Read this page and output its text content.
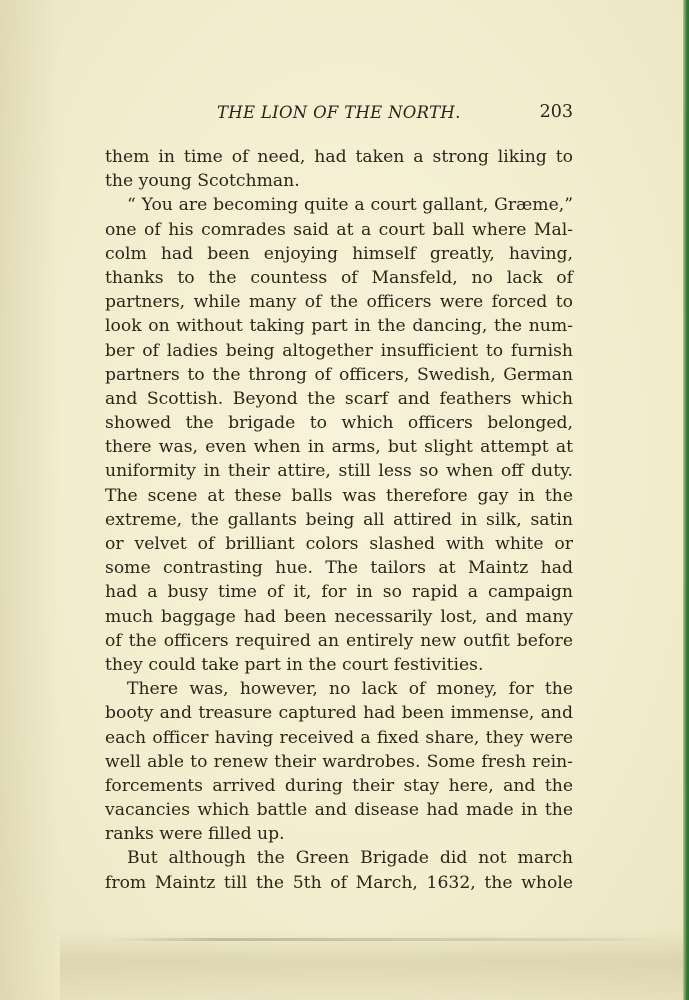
THE LION OF THE NORTH.	203
them in time of need, had taken a strong liking to
the young Scotchman.
“ You are becoming quite a court gallant, Græme,”
one of his comrades said at a court ball where Mal-
colm had been enjoying himself greatly, having,
thanks to the countess of Mansfeld, no lack of
partners, while many of the officers were forced to
look on without taking part in the dancing, the num-
ber of ladies being altogether insufficient to furnish
partners to the throng of officers, Swedish, German
and Scottish. Beyond the scarf and feathers which
showed the brigade to which officers belonged,
there was, even when in arms, but slight attempt at
uniformity in their attire, still less so when off duty.
The scene at these balls was therefore gay in the
extreme, the gallants being all attired in silk, satin
or velvet of brilliant colors slashed with white or
some contrasting hue. The tailors at Maintz had
had a busy time of it, for in so rapid a campaign
much baggage had been necessarily lost, and many
of the officers required an entirely new outfit before
they could take part in the court festivities.
There was, however, no lack of money, for the
booty and treasure captured had been immense, and
each officer having received a fixed share, they were
well able to renew their wardrobes. Some fresh rein-
forcements arrived during their stay here, and the
vacancies which battle and disease had made in the
ranks were filled up.
But although the Green Brigade did not march
from Maintz till the 5th of March, 1632, the whole
